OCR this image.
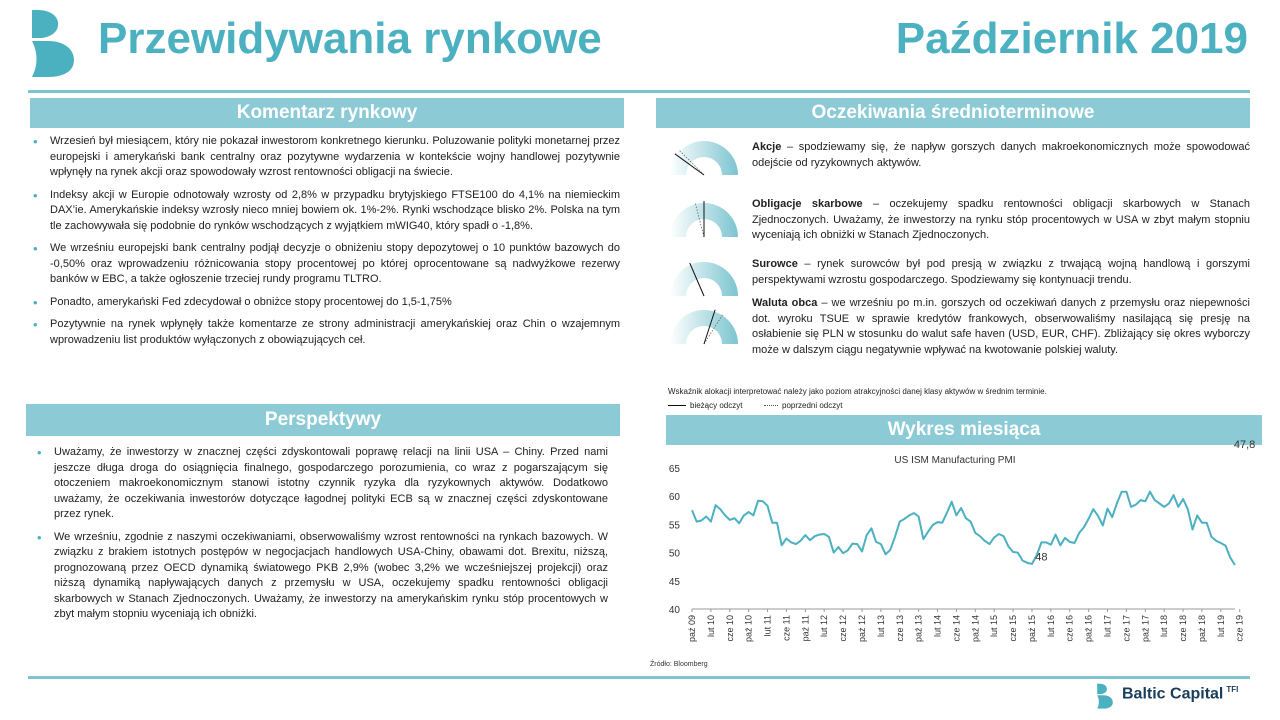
Przewidywania rynkowe	Październik 2019
Komentarz rynkowy
• Wrzesień był miesiącem, który nie pokazał inwestorom konkretnego kierunku. Poluzowanie polityki monetarnej przez europejski i amerykański bank centralny oraz pozytywne wydarzenia w kontekście wojny handlowej pozytywnie wpłynęły na rynek akcji oraz spowodowały wzrost rentowności obligacji na świecie.
• Indeksy akcji w Europie odnotowały wzrosty od 2,8% w przypadku brytyjskiego FTSE100 do 4,1% na niemieckim DAX’ie. Amerykańskie indeksy wzrosły nieco mniej bowiem ok. 1%-2%. Rynki wschodzące blisko 2%. Polska na tym tle zachowywała się podobnie do rynków wschodzących z wyjątkiem mWIG40, który spadł o -1,8%.
• We wrześniu europejski bank centralny podjął decyzje o obniżeniu stopy depozytowej o 10 punktów bazowych do -0,50% oraz wprowadzeniu różnicowania stopy procentowej po której oprocentowane są nadwyżkowe rezerwy banków w EBC, a także ogłoszenie trzeciej rundy programu TLTRO.
• Ponadto, amerykański Fed zdecydował o obniżce stopy procentowej do 1,5-1,75%
• Pozytywnie na rynek wpłynęły także komentarze ze strony administracji amerykańskiej oraz Chin o wzajemnym wprowadzeniu list produktów wyłączonych z obowiązujących ceł.
Perspektywy
• Uważamy, że inwestorzy w znacznej części zdyskontowali poprawę relacji na linii USA – Chiny. Przed nami jeszcze długa droga do osiągnięcia finalnego, gospodarczego porozumienia, co wraz z pogarszającym się otoczeniem makroekonomicznym stanowi istotny czynnik ryzyka dla ryzykownych aktywów. Dodatkowo uważamy, że oczekiwania inwestorów dotyczące łagodnej polityki ECB są w znacznej części zdyskontowane przez rynek.
• We wrześniu, zgodnie z naszymi oczekiwaniami, obserwowaliśmy wzrost rentowności na rynkach bazowych. W związku z brakiem istotnych postępów w negocjacjach handlowych USA-Chiny, obawami dot. Brexitu, niższą, prognozowaną przez OECD dynamiką światowego PKB 2,9% (wobec 3,2% we wcześniejszej projekcji) oraz niższą dynamiką napływających danych z przemysłu w USA, oczekujemy spadku rentowności obligacji skarbowych w Stanach Zjednoczonych. Uważamy, że inwestorzy na amerykańskim rynku stóp procentowych w zbyt małym stopniu wyceniają ich obniżki.
Oczekiwania średnioterminowe
Akcje – spodziewamy się, że napływ gorszych danych makroekonomicznych może spowodować odejście od ryzykownych aktywów.
Obligacje skarbowe – oczekujemy spadku rentowności obligacji skarbowych w Stanach Zjednoczonych. Uważamy, że inwestorzy na rynku stóp procentowych w USA w zbyt małym stopniu wyceniają ich obniżki w Stanach Zjednoczonych.
Surowce – rynek surowców był pod presją w związku z trwającą wojną handlową i gorszymi perspektywami wzrostu gospodarczego. Spodziewamy się kontynuacji trendu.
Waluta obca – we wrześniu po m.in. gorszych od oczekiwań danych z przemysłu oraz niepewności dot. wyroku TSUE w sprawie kredytów frankowych, obserwowaliśmy nasilającą się presję na osłabienie się PLN w stosunku do walut safe haven (USD, EUR, CHF). Zbliżający się okres wyborczy może w dalszym ciągu negatywnie wpływać na kwotowanie polskiej waluty.
Wskaźnik alokacji interpretować należy jako poziom atrakcyjności danej klasy aktywów w średnim terminie.
bieżący odczyt	poprzedni odczyt
Wykres miesiąca
US ISM Manufacturing PMI
40
45
50
55
60
65
paź 09 lut 10 cze 10 paź 10 lut 11 cze 11 paź 11 lut 12 cze 12 paź 12 lut 13 cze 13 paź 13 lut 14 cze 14 paź 14 lut 15 cze 15 paź 15 lut 16 cze 16 paź 16 lut 17 cze 17 paź 17 lut 18 cze 18 paź 18 lut 19 cze 19
48
47,8
Źródło: Bloomberg
Baltic Capital $^{TFI}$
